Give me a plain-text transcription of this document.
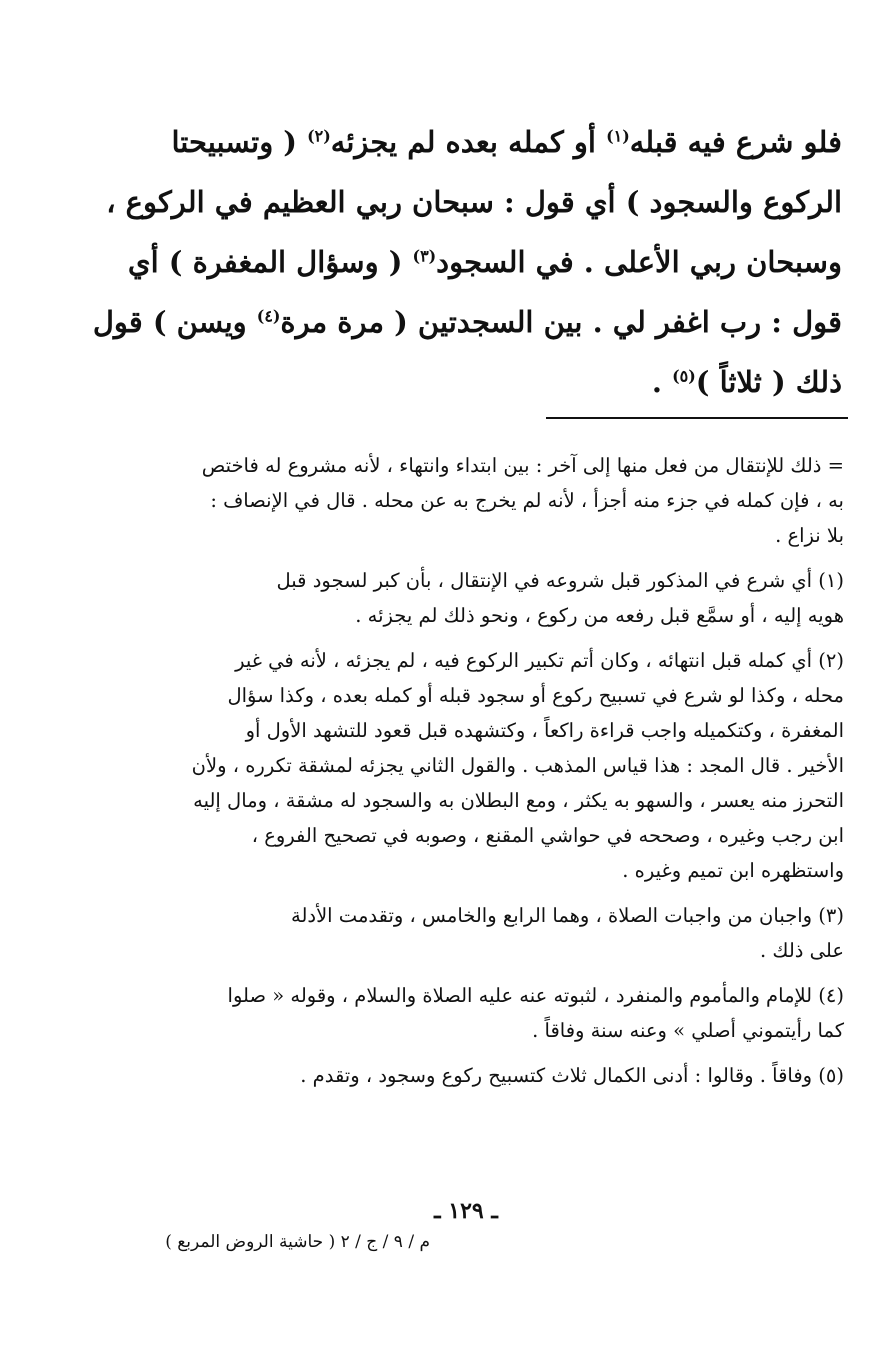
فلو شرع فيه قبله$^{(١)}$ أو كمله بعده لم يجزئه$^{(٢)}$ ( وتسبيحتا
الركوع والسجود ) أي قول : سبحان ربي العظيم في الركوع ،
وسبحان ربي الأعلى . في السجود$^{(٣)}$ ( وسؤال المغفرة ) أي
قول : رب اغفر لي . بين السجدتين ( مرة مرة$^{(٤)}$ ويسن ) قول
ذلك ( ثلاثاً )$^{(٥)}$ .
= ذلك للإنتقال من فعل منها إلى آخر : بين ابتداء وانتهاء ، لأنه مشروع له فاختص
به ، فإن كمله في جزء منه أجزأ ، لأنه لم يخرج به عن محله . قال في الإنصاف :
بلا نزاع .
(١) أي شرع في المذكور قبل شروعه في الإنتقال ، بأن كبر لسجود قبل
هويه إليه ، أو سمَّع قبل رفعه من ركوع ، ونحو ذلك لم يجزئه .
(٢) أي كمله قبل انتهائه ، وكان أتم تكبير الركوع فيه ، لم يجزئه ، لأنه في غير
محله ، وكذا لو شرع في تسبيح ركوع أو سجود قبله أو كمله بعده ، وكذا سؤال
المغفرة ، وكتكميله واجب قراءة راكعاً ، وكتشهده قبل قعود للتشهد الأول أو
الأخير . قال المجد : هذا قياس المذهب . والقول الثاني يجزئه لمشقة تكرره ، ولأن
التحرز منه يعسر ، والسهو به يكثر ، ومع البطلان به والسجود له مشقة ، ومال إليه
ابن رجب وغيره ، وصححه في حواشي المقنع ، وصوبه في تصحيح الفروع ،
واستظهره ابن تميم وغيره .
(٣) واجبان من واجبات الصلاة ، وهما الرابع والخامس ، وتقدمت الأدلة
على ذلك .
(٤) للإمام والمأموم والمنفرد ، لثبوته عنه عليه الصلاة والسلام ، وقوله « صلوا
كما رأيتموني أصلي » وعنه سنة وفاقاً .
(٥) وفاقاً . وقالوا : أدنى الكمال ثلاث كتسبيح ركوع وسجود ، وتقدم .
ـ ١٢٩ ـ
م / ٩ / ج / ٢ ( حاشية الروض المربع )
